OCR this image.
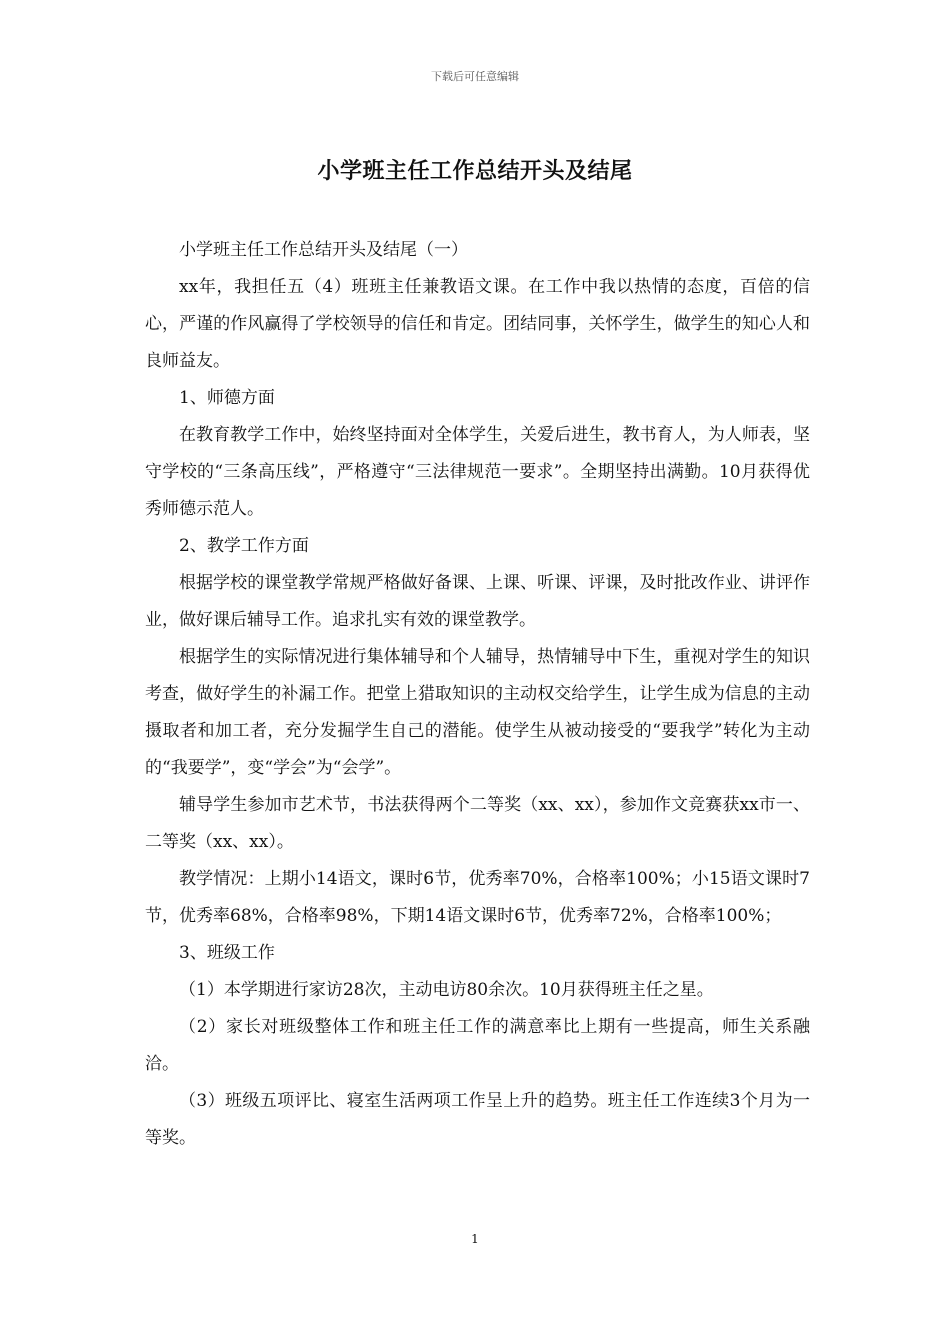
下载后可任意编辑
小学班主任工作总结开头及结尾

小学班主任工作总结开头及结尾（一）

xx年，我担任五（4）班班主任兼教语文课。在工作中我以热情的态度，百倍的信心，严谨的作风赢得了学校领导的信任和肯定。团结同事，关怀学生，做学生的知心人和良师益友。

1、师德方面

在教育教学工作中，始终坚持面对全体学生，关爱后进生，教书育人，为人师表，坚守学校的“三条高压线”，严格遵守“三法律规范一要求”。全期坚持出满勤。10月获得优秀师德示范人。

2、教学工作方面

根据学校的课堂教学常规严格做好备课、上课、听课、评课，及时批改作业、讲评作业，做好课后辅导工作。追求扎实有效的课堂教学。

根据学生的实际情况进行集体辅导和个人辅导，热情辅导中下生，重视对学生的知识考查，做好学生的补漏工作。把堂上猎取知识的主动权交给学生，让学生成为信息的主动摄取者和加工者，充分发掘学生自己的潜能。使学生从被动接受的“要我学”转化为主动的“我要学”，变“学会”为“会学”。

辅导学生参加市艺术节，书法获得两个二等奖（xx、xx），参加作文竞赛获xx市一、二等奖（xx、xx）。

教学情况：上期小14语文，课时6节，优秀率70%，合格率100%；小15语文课时7节，优秀率68%，合格率98%，下期14语文课时6节，优秀率72%，合格率100%；

3、班级工作

（1）本学期进行家访28次，主动电访80余次。10月获得班主任之星。

（2）家长对班级整体工作和班主任工作的满意率比上期有一些提高，师生关系融洽。

（3）班级五项评比、寝室生活两项工作呈上升的趋势。班主任工作连续3个月为一等奖。

1
